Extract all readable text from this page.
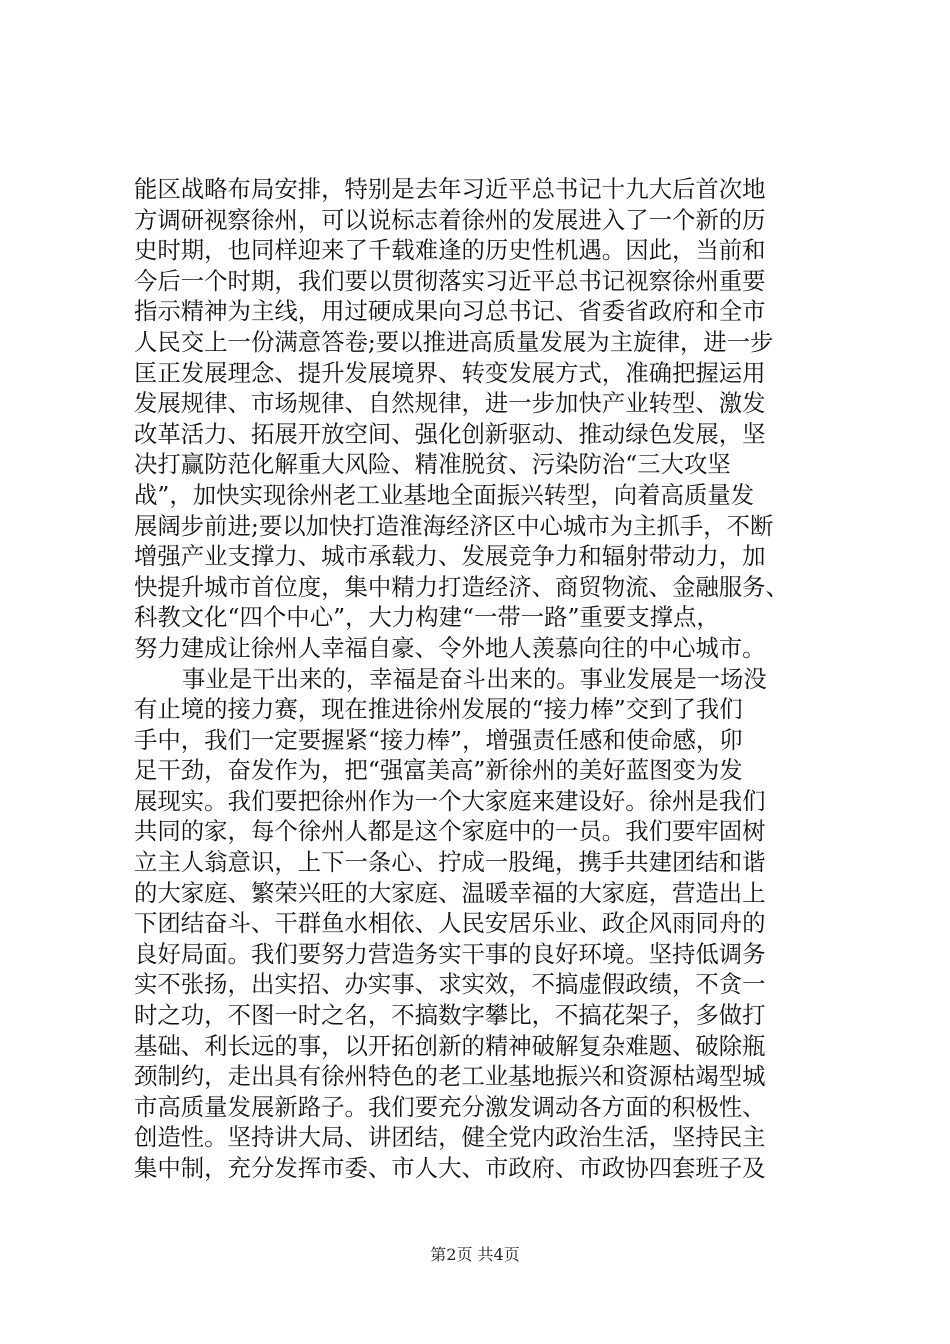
能区战略布局安排，特别是去年习近平总书记十九大后首次地
方调研视察徐州，可以说标志着徐州的发展进入了一个新的历
史时期，也同样迎来了千载难逢的历史性机遇。因此，当前和
今后一个时期，我们要以贯彻落实习近平总书记视察徐州重要
指示精神为主线，用过硬成果向习总书记、省委省政府和全市
人民交上一份满意答卷;要以推进高质量发展为主旋律，进一步
匡正发展理念、提升发展境界、转变发展方式，准确把握运用
发展规律、市场规律、自然规律，进一步加快产业转型、激发
改革活力、拓展开放空间、强化创新驱动、推动绿色发展，坚
决打赢防范化解重大风险、精准脱贫、污染防治“三大攻坚
战”，加快实现徐州老工业基地全面振兴转型，向着高质量发
展阔步前进;要以加快打造淮海经济区中心城市为主抓手，不断
增强产业支撑力、城市承载力、发展竞争力和辐射带动力，加
快提升城市首位度，集中精力打造经济、商贸物流、金融服务、
科教文化“四个中心”，大力构建“一带一路”重要支撑点，
努力建成让徐州人幸福自豪、令外地人羡慕向往的中心城市。
事业是干出来的，幸福是奋斗出来的。事业发展是一场没
有止境的接力赛，现在推进徐州发展的“接力棒”交到了我们
手中，我们一定要握紧“接力棒”，增强责任感和使命感，卯
足干劲，奋发作为，把“强富美高”新徐州的美好蓝图变为发
展现实。我们要把徐州作为一个大家庭来建设好。徐州是我们
共同的家，每个徐州人都是这个家庭中的一员。我们要牢固树
立主人翁意识，上下一条心、拧成一股绳，携手共建团结和谐
的大家庭、繁荣兴旺的大家庭、温暖幸福的大家庭，营造出上
下团结奋斗、干群鱼水相依、人民安居乐业、政企风雨同舟的
良好局面。我们要努力营造务实干事的良好环境。坚持低调务
实不张扬，出实招、办实事、求实效，不搞虚假政绩，不贪一
时之功，不图一时之名，不搞数字攀比，不搞花架子，多做打
基础、利长远的事，以开拓创新的精神破解复杂难题、破除瓶
颈制约，走出具有徐州特色的老工业基地振兴和资源枯竭型城
市高质量发展新路子。我们要充分激发调动各方面的积极性、
创造性。坚持讲大局、讲团结，健全党内政治生活，坚持民主
集中制，充分发挥市委、市人大、市政府、市政协四套班子及
第2页 共4页
